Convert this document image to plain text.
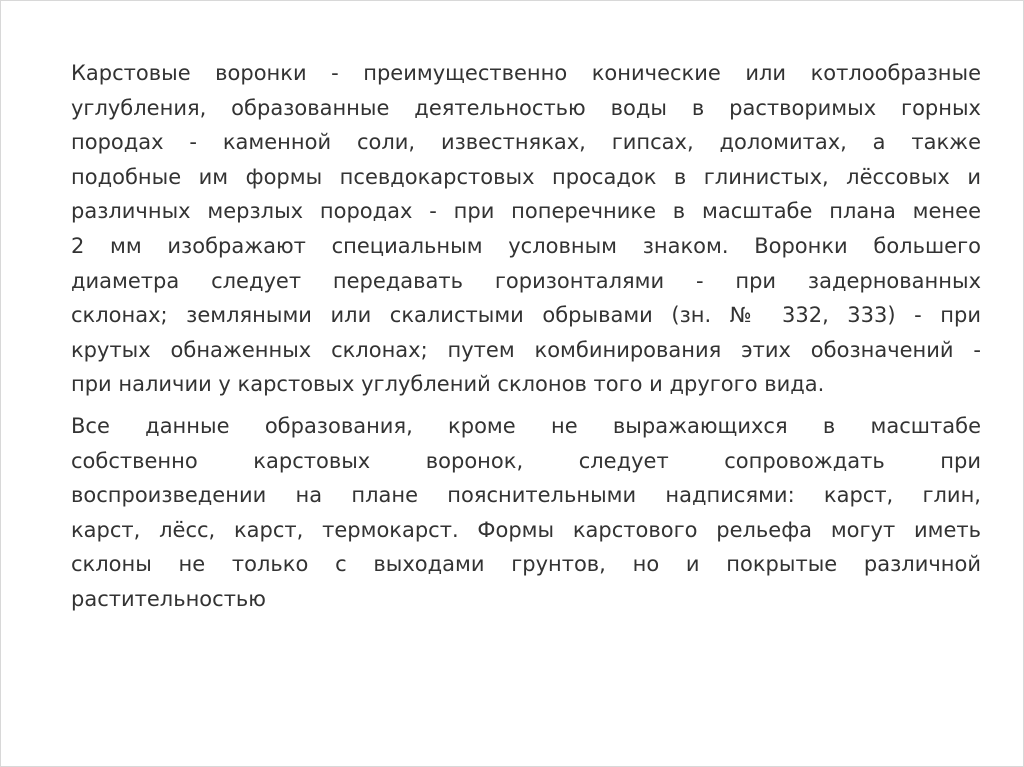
Карстовые воронки - преимущественно конические или котлообразные
углубления, образованные деятельностью воды в растворимых горных
породах - каменной соли, известняках, гипсах, доломитах, а также
подобные им формы псевдокарстовых просадок в глинистых, лёссовых и
различных мерзлых породах - при поперечнике в масштабе плана менее
2 мм изображают специальным условным знаком. Воронки большего
диаметра следует передавать горизонталями - при задернованных
склонах; земляными или скалистыми обрывами (зн. № 332, 333) - при
крутых обнаженных склонах; путем комбинирования этих обозначений -
при наличии у карстовых углублений склонов того и другого вида.

Все данные образования, кроме не выражающихся в масштабе
собственно карстовых воронок, следует сопровождать при
воспроизведении на плане пояснительными надписями: карст, глин,
карст, лёсс, карст, термокарст. Формы карстового рельефа могут иметь
склоны не только с выходами грунтов, но и покрытые различной
растительностью
